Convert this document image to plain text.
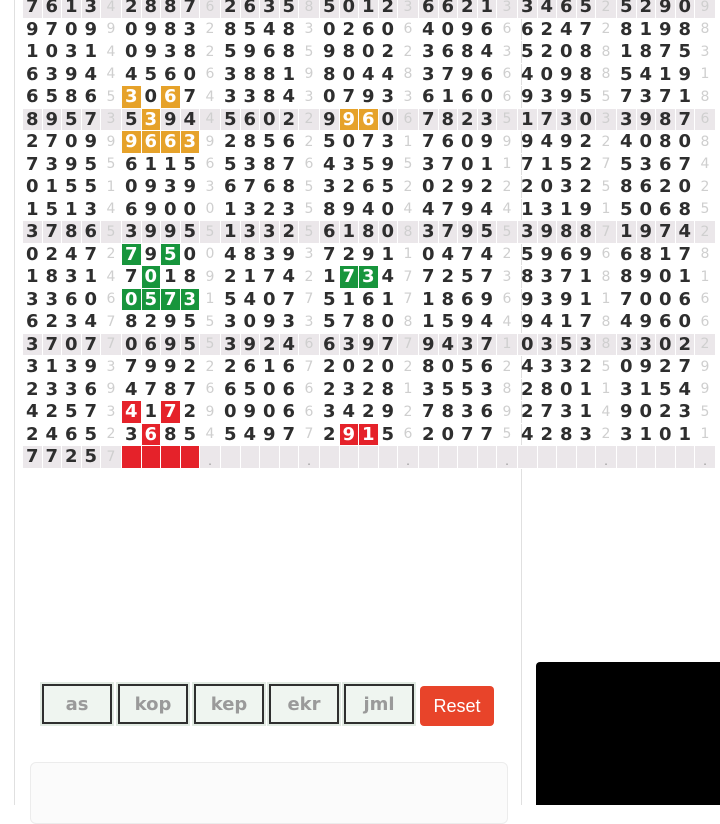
7	6	1	3	4	2	8	8	7	6	2	6	3	5	8	5	0	1	2	3	6	6	2	1	3	3	4	6	5	2	5	2	9	0	9
9	7	0	9	9	0	9	8	3	2	8	5	4	8	3	0	2	6	0	6	4	0	9	6	6	6	2	4	7	2	8	1	9	8	8
1	0	3	1	4	0	9	3	8	2	5	9	6	8	5	9	8	0	2	2	3	6	8	4	3	5	2	0	8	8	1	8	7	5	3
6	3	9	4	4	4	5	6	0	6	3	8	8	1	9	8	0	4	4	8	3	7	9	6	6	4	0	9	8	8	5	4	1	9	1
6	5	8	6	5	3	0	6	7	4	3	3	8	4	3	0	7	9	3	3	6	1	6	0	6	9	3	9	5	5	7	3	7	1	8
8	9	5	7	3	5	3	9	4	4	5	6	0	2	2	9	9	6	0	6	7	8	2	3	5	1	7	3	0	3	3	9	8	7	6
2	7	0	9	9	9	6	6	3	9	2	8	5	6	2	5	0	7	3	1	7	6	0	9	9	9	4	9	2	2	4	0	8	0	8
7	3	9	5	5	6	1	1	5	6	5	3	8	7	6	4	3	5	9	5	3	7	0	1	1	7	1	5	2	7	5	3	6	7	4
0	1	5	5	1	0	9	3	9	3	6	7	6	8	5	3	2	6	5	2	0	2	9	2	2	2	0	3	2	5	8	6	2	0	2
1	5	1	3	4	6	9	0	0	0	1	3	2	3	5	8	9	4	0	4	4	7	9	4	4	1	3	1	9	1	5	0	6	8	5
3	7	8	6	5	3	9	9	5	5	1	3	3	2	5	6	1	8	0	8	3	7	9	5	5	3	9	8	8	7	1	9	7	4	2
0	2	4	7	2	7	9	5	0	0	4	8	3	9	3	7	2	9	1	1	0	4	7	4	2	5	9	6	9	6	6	8	1	7	8
1	8	3	1	4	7	0	1	8	9	2	1	7	4	2	1	7	3	4	7	7	2	5	7	3	8	3	7	1	8	8	9	0	1	1
3	3	6	0	6	0	5	7	3	1	5	4	0	7	7	5	1	6	1	7	1	8	6	9	6	9	3	9	1	1	7	0	0	6	6
6	2	3	4	7	8	2	9	5	5	3	0	9	3	3	5	7	8	0	8	1	5	9	4	4	9	4	1	7	8	4	9	6	0	6
3	7	0	7	7	0	6	9	5	5	3	9	2	4	6	6	3	9	7	7	9	4	3	7	1	0	3	5	3	8	3	3	0	2	2
3	1	3	9	3	7	9	9	2	2	2	6	1	6	7	2	0	2	0	2	8	0	5	6	2	4	3	3	2	5	0	9	2	7	9
2	3	3	6	9	4	7	8	7	6	6	5	0	6	6	2	3	2	8	1	3	5	5	3	8	2	8	0	1	1	3	1	5	4	9
4	2	5	7	3	4	1	7	2	9	0	9	0	6	6	3	4	2	9	2	7	8	3	6	9	2	7	3	1	4	9	0	2	3	5
2	4	6	5	2	3	6	8	5	4	5	4	9	7	7	2	9	1	5	6	2	0	7	7	5	4	2	8	3	2	3	1	0	1	1
7	7	2	5	7					.					.					.					.					.					.
as	kop	kep	ekr	jml	Reset
